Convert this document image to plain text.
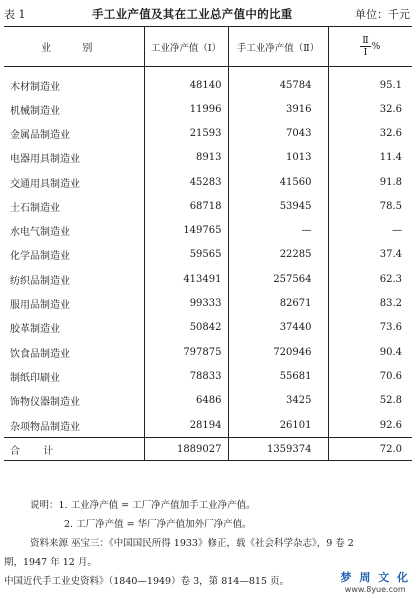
表 1	手工业产值及其在工业总产值中的比重	单位：千元
业 别	工业净产值（Ⅰ）	手工业净产值（Ⅱ）	$\frac{\text{Ⅱ}}{\text{Ⅰ}}$ %
木材制造业	48140	45784	95.1
机械制造业	11996	3916	32.6
金属品制造业	21593	7043	32.6
电器用具制造业	8913	1013	11.4
交通用具制造业	45283	41560	91.8
土石制造业	68718	53945	78.5
水电气制造业	149765	—	—
化学品制造业	59565	22285	37.4
纺织品制造业	413491	257564	62.3
服用品制造业	99333	82671	83.2
胶革制造业	50842	37440	73.6
饮食品制造业	797875	720946	90.4
制纸印刷业	78833	55681	70.6
饰物仪器制造业	6486	3425	52.8
杂项物品制造业	28194	26101	92.6
合 计	1889027	1359374	72.0
说明：1. 工业净产值 = 工厂净产值加手工业净产值。
2. 工厂净产值 = 华厂净产值加外厂净产值。
资料来源 巫宝三：《中国国民所得 1933》修正，载《社会科学杂志》，9 卷 2
期，1947 年 12 月。
中国近代手工业史资料》（1840—1949）卷 3，第 814—815 页。	梦 周 文 化
www.8yue.com
